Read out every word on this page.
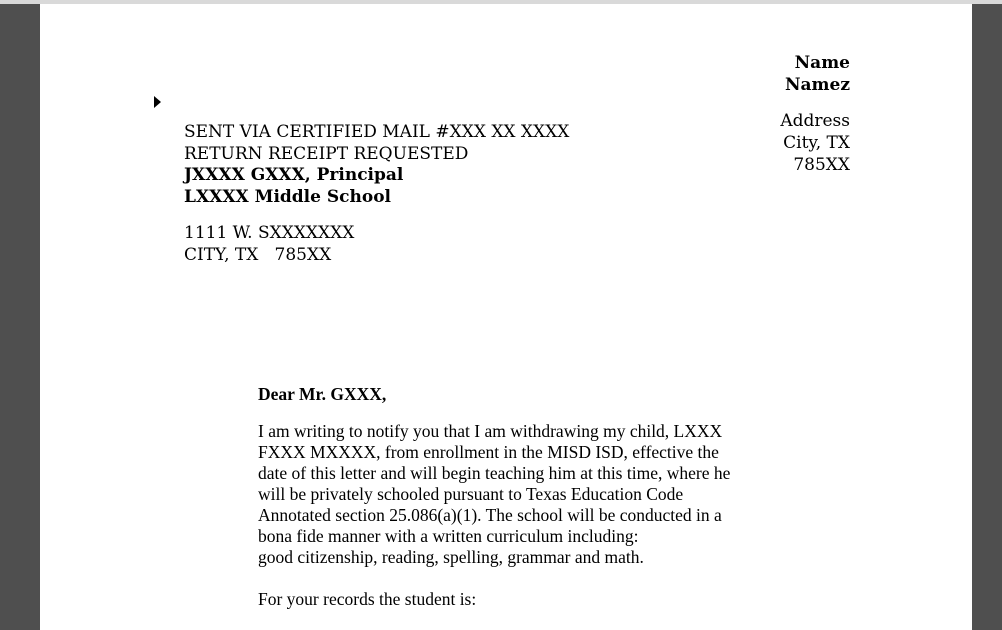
Name
Namez
Address
City, TX
785XX
SENT VIA CERTIFIED MAIL #XXX XX XXXX
RETURN RECEIPT REQUESTED
JXXXX GXXX, Principal
LXXXX Middle School
1111 W. SXXXXXXX
CITY, TX   785XX
Dear Mr. GXXX,
I am writing to notify you that I am withdrawing my child, LXXX
FXXX MXXXX, from enrollment in the MISD ISD, effective the
date of this letter and will begin teaching him at this time, where he
will be privately schooled pursuant to Texas Education Code
Annotated section 25.086(a)(1). The school will be conducted in a
bona fide manner with a written curriculum including:
good citizenship, reading, spelling, grammar and math.
For your records the student is:
